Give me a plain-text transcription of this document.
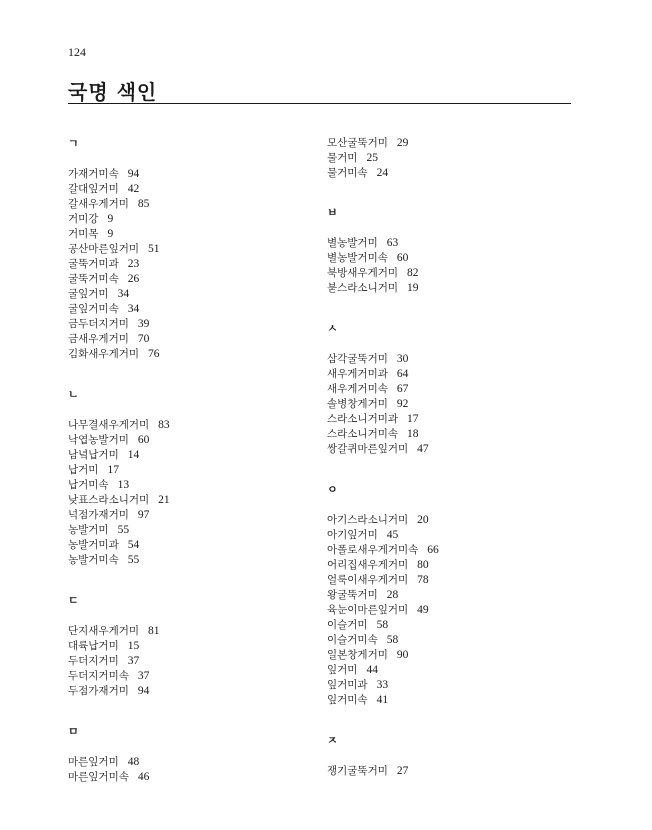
124
국명 색인
ㄱ
가재거미속 94
갈대잎거미 42
갈새우게거미 85
거미강 9
거미목 9
공산마른잎거미 51
굴뚝거미과 23
굴뚝거미속 26
굴잎거미 34
굴잎거미속 34
금두더지거미 39
금새우게거미 70
김화새우게거미 76
ㄴ
나무결새우게거미 83
낙엽농발거미 60
남녘납거미 14
납거미 17
납거미속 13
낮표스라소니거미 21
넉점가재거미 97
농발거미 55
농발거미과 54
농발거미속 55
ㄷ
단지새우게거미 81
대륙납거미 15
두더지거미 37
두더지거미속 37
두점가재거미 94
ㅁ
마른잎거미 48
마른잎거미속 46
모산굴뚝거미 29
물거미 25
물거미속 24
ㅂ
별농발거미 63
별농발거미속 60
북방새우게거미 82
붇스라소니거미 19
ㅅ
삼각굴뚝거미 30
새우게거미과 64
새우게거미속 67
솔병창게거미 92
스라소니거미과 17
스라소니거미속 18
쌍갈퀴마른잎거미 47
ㅇ
아기스라소니거미 20
아기잎거미 45
아폴로새우게거미속 66
어리집새우게거미 80
얼룩이새우게거미 78
왕굴뚝거미 28
육눈이마른잎거미 49
이슬거미 58
이슬거미속 58
일본창게거미 90
잎거미 44
잎거미과 33
잎거미속 41
ㅈ
쟁기굴뚝거미 27
